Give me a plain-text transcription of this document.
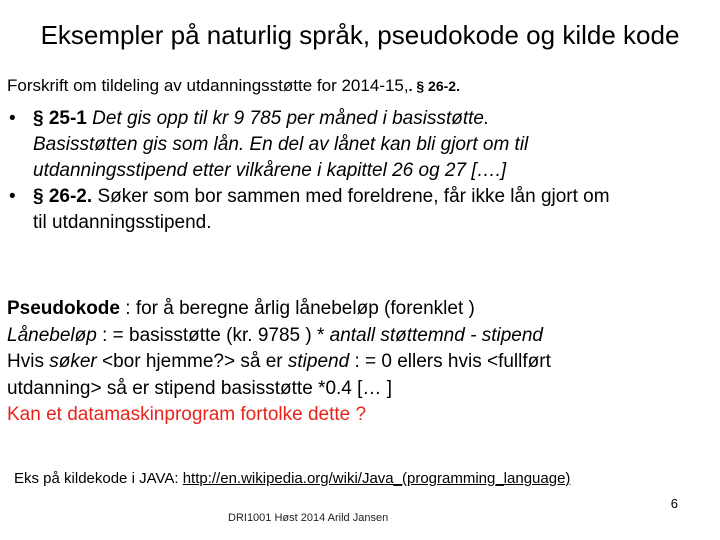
Eksempler på naturlig språk, pseudokode og kilde kode
Forskrift om tildeling av utdanningsstøtte for 2014-15,. § 26-2.
• § 25-1 Det gis opp til kr 9 785 per måned i basisstøtte.
Basisstøtten gis som lån. En del av lånet kan bli gjort om til
utdanningsstipend etter vilkårene i kapittel 26 og 27 [….]
• § 26-2. Søker som bor sammen med foreldrene, får ikke lån gjort om
til utdanningsstipend.
Pseudokode : for å beregne årlig lånebeløp (forenklet )
Lånebeløp : = basisstøtte (kr. 9785 ) * antall støttemnd - stipend
Hvis søker <bor hjemme?> så er stipend : = 0 ellers hvis <fullført
utdanning> så er stipend basisstøtte *0.4 [… ]
Kan et datamaskinprogram fortolke dette ?
Eks på kildekode i JAVA: http://en.wikipedia.org/wiki/Java_(programming_language)
6
DRI1001 Høst 2014 Arild Jansen
